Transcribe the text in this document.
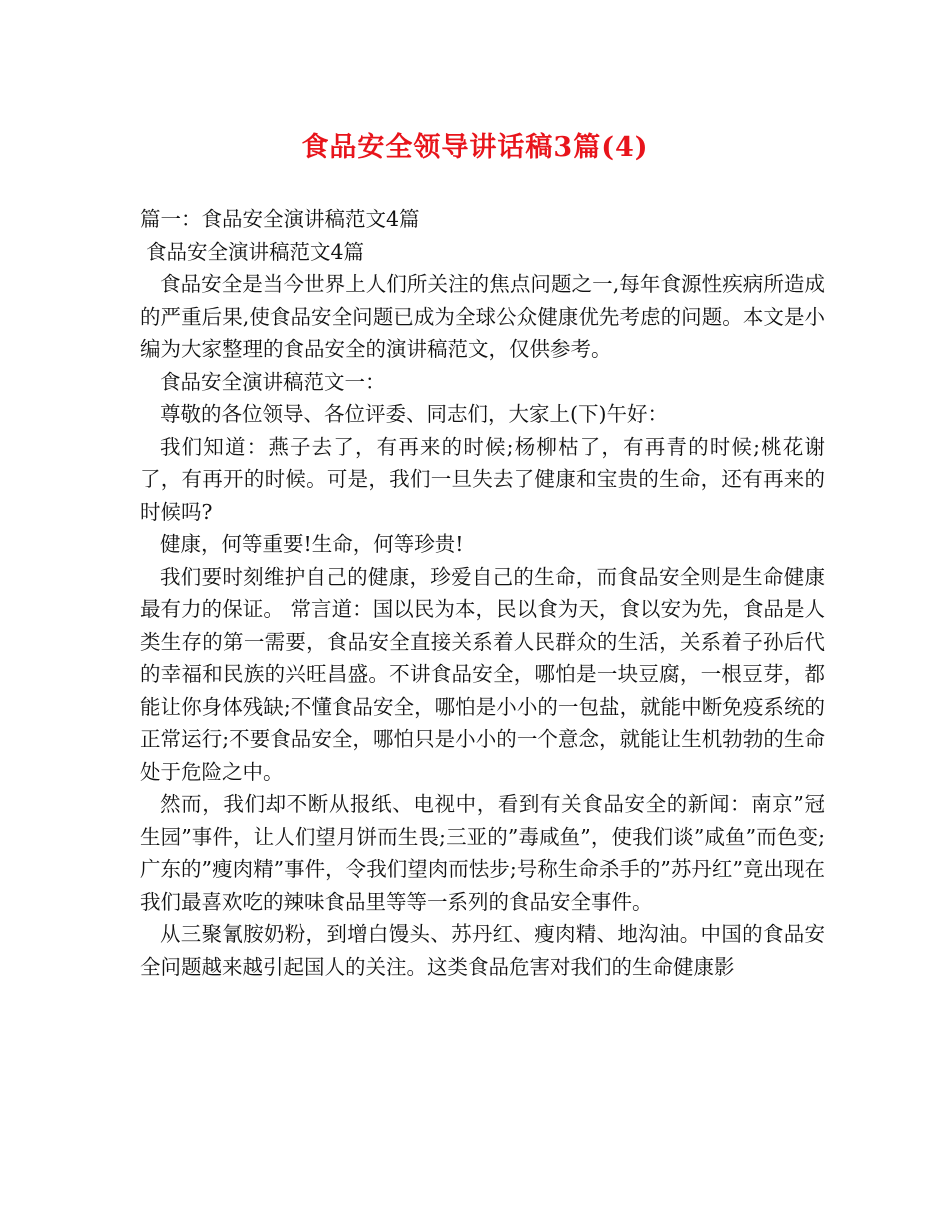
食品安全领导讲话稿3篇(4)

篇一：食品安全演讲稿范文4篇

食品安全演讲稿范文4篇

食品安全是当今世界上人们所关注的焦点问题之一,每年食源性疾病所造成的严重后果,使食品安全问题已成为全球公众健康优先考虑的问题。本文是小编为大家整理的食品安全的演讲稿范文，仅供参考。

食品安全演讲稿范文一：

尊敬的各位领导、各位评委、同志们，大家上(下)午好：

我们知道：燕子去了，有再来的时候;杨柳枯了，有再青的时候;桃花谢了，有再开的时候。可是，我们一旦失去了健康和宝贵的生命，还有再来的时候吗?

健康，何等重要!生命，何等珍贵!

我们要时刻维护自己的健康，珍爱自己的生命，而食品安全则是生命健康最有力的保证。 常言道：国以民为本，民以食为天，食以安为先，食品是人类生存的第一需要，食品安全直接关系着人民群众的生活，关系着子孙后代的幸福和民族的兴旺昌盛。不讲食品安全，哪怕是一块豆腐，一根豆芽，都能让你身体残缺;不懂食品安全，哪怕是小小的一包盐，就能中断免疫系统的正常运行;不要食品安全，哪怕只是小小的一个意念，就能让生机勃勃的生命处于危险之中。

然而，我们却不断从报纸、电视中，看到有关食品安全的新闻：南京”冠生园”事件，让人们望月饼而生畏;三亚的”毒咸鱼”，使我们谈”咸鱼”而色变;广东的”瘦肉精”事件，令我们望肉而怯步;号称生命杀手的”苏丹红”竟出现在我们最喜欢吃的辣味食品里等等一系列的食品安全事件。

从三聚氰胺奶粉，到增白馒头、苏丹红、瘦肉精、地沟油。中国的食品安全问题越来越引起国人的关注。这类食品危害对我们的生命健康影
